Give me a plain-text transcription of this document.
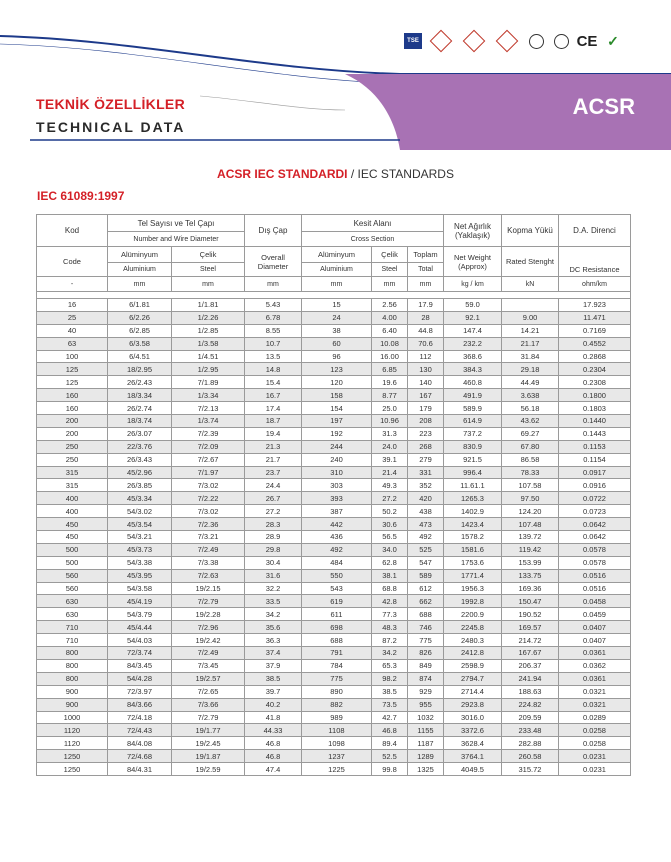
TSE	CE ✓
TEKNİK ÖZELLİKLER
TECHNICAL DATA
ACSR
ACSR IEC STANDARDI / IEC STANDARDS
IEC 61089:1997
Kod	Tel Sayısı ve Tel Çapı		Dış Çap	Kesit Alanı			Net Ağırlık (Yaklaşık)	Kopma Yükü	D.A. Direnci
	Number and Wire Diameter			Cross Section					
Code	Alüminyum	Çelik	Overall Diameter	Alüminyum	Çelik	Toplam	Net Weight (Approx)	Rated Stenght	DC Resistance
	Aluminium	Steel		Aluminium	Steel	Total			
-	mm	mm	mm	mm	mm	mm	kg / km	kN	ohm/km

16	6/1.81	1/1.81	5.43	15	2.56	17.9	59.0		17.923
25	6/2.26	1/2.26	6.78	24	4.00	28	92.1	9.00	11.471
40	6/2.85	1/2.85	8.55	38	6.40	44.8	147.4	14.21	0.7169
63	6/3.58	1/3.58	10.7	60	10.08	70.6	232.2	21.17	0.4552
100	6/4.51	1/4.51	13.5	96	16.00	112	368.6	31.84	0.2868
125	18/2.95	1/2.95	14.8	123	6.85	130	384.3	29.18	0.2304
125	26/2.43	7/1.89	15.4	120	19.6	140	460.8	44.49	0.2308
160	18/3.34	1/3.34	16.7	158	8.77	167	491.9	3.638	0.1800
160	26/2.74	7/2.13	17.4	154	25.0	179	589.9	56.18	0.1803
200	18/3.74	1/3.74	18.7	197	10.96	208	614.9	43.62	0.1440
200	26/3.07	7/2.39	19.4	192	31.3	223	737.2	69.27	0.1443
250	22/3.76	7/2.09	21.3	244	24.0	268	830.9	67.80	0.1153
250	26/3.43	7/2.67	21.7	240	39.1	279	921.5	86.58	0.1154
315	45/2.96	7/1.97	23.7	310	21.4	331	996.4	78.33	0.0917
315	26/3.85	7/3.02	24.4	303	49.3	352	11.61.1	107.58	0.0916
400	45/3.34	7/2.22	26.7	393	27.2	420	1265.3	97.50	0.0722
400	54/3.02	7/3.02	27.2	387	50.2	438	1402.9	124.20	0.0723
450	45/3.54	7/2.36	28.3	442	30.6	473	1423.4	107.48	0.0642
450	54/3.21	7/3.21	28.9	436	56.5	492	1578.2	139.72	0.0642
500	45/3.73	7/2.49	29.8	492	34.0	525	1581.6	119.42	0.0578
500	54/3.38	7/3.38	30.4	484	62.8	547	1753.6	153.99	0.0578
560	45/3.95	7/2.63	31.6	550	38.1	589	1771.4	133.75	0.0516
560	54/3.58	19/2.15	32.2	543	68.8	612	1956.3	169.36	0.0516
630	45/4.19	7/2.79	33.5	619	42.8	662	1992.8	150.47	0.0458
630	54/3.79	19/2.28	34.2	611	77.3	688	2200.9	190.52	0.0459
710	45/4.44	7/2.96	35.6	698	48.3	746	2245.8	169.57	0.0407
710	54/4.03	19/2.42	36.3	688	87.2	775	2480.3	214.72	0.0407
800	72/3.74	7/2.49	37.4	791	34.2	826	2412.8	167.67	0.0361
800	84/3.45	7/3.45	37.9	784	65.3	849	2598.9	206.37	0.0362
800	54/4.28	19/2.57	38.5	775	98.2	874	2794.7	241.94	0.0361
900	72/3.97	7/2.65	39.7	890	38.5	929	2714.4	188.63	0.0321
900	84/3.66	7/3.66	40.2	882	73.5	955	2923.8	224.82	0.0321
1000	72/4.18	7/2.79	41.8	989	42.7	1032	3016.0	209.59	0.0289
1120	72/4.43	19/1.77	44.33	1108	46.8	1155	3372.6	233.48	0.0258
1120	84/4.08	19/2.45	46.8	1098	89.4	1187	3628.4	282.88	0.0258
1250	72/4.68	19/1.87	46.8	1237	52.5	1289	3764.1	260.58	0.0231
1250	84/4.31	19/2.59	47.4	1225	99.8	1325	4049.5	315.72	0.0231
